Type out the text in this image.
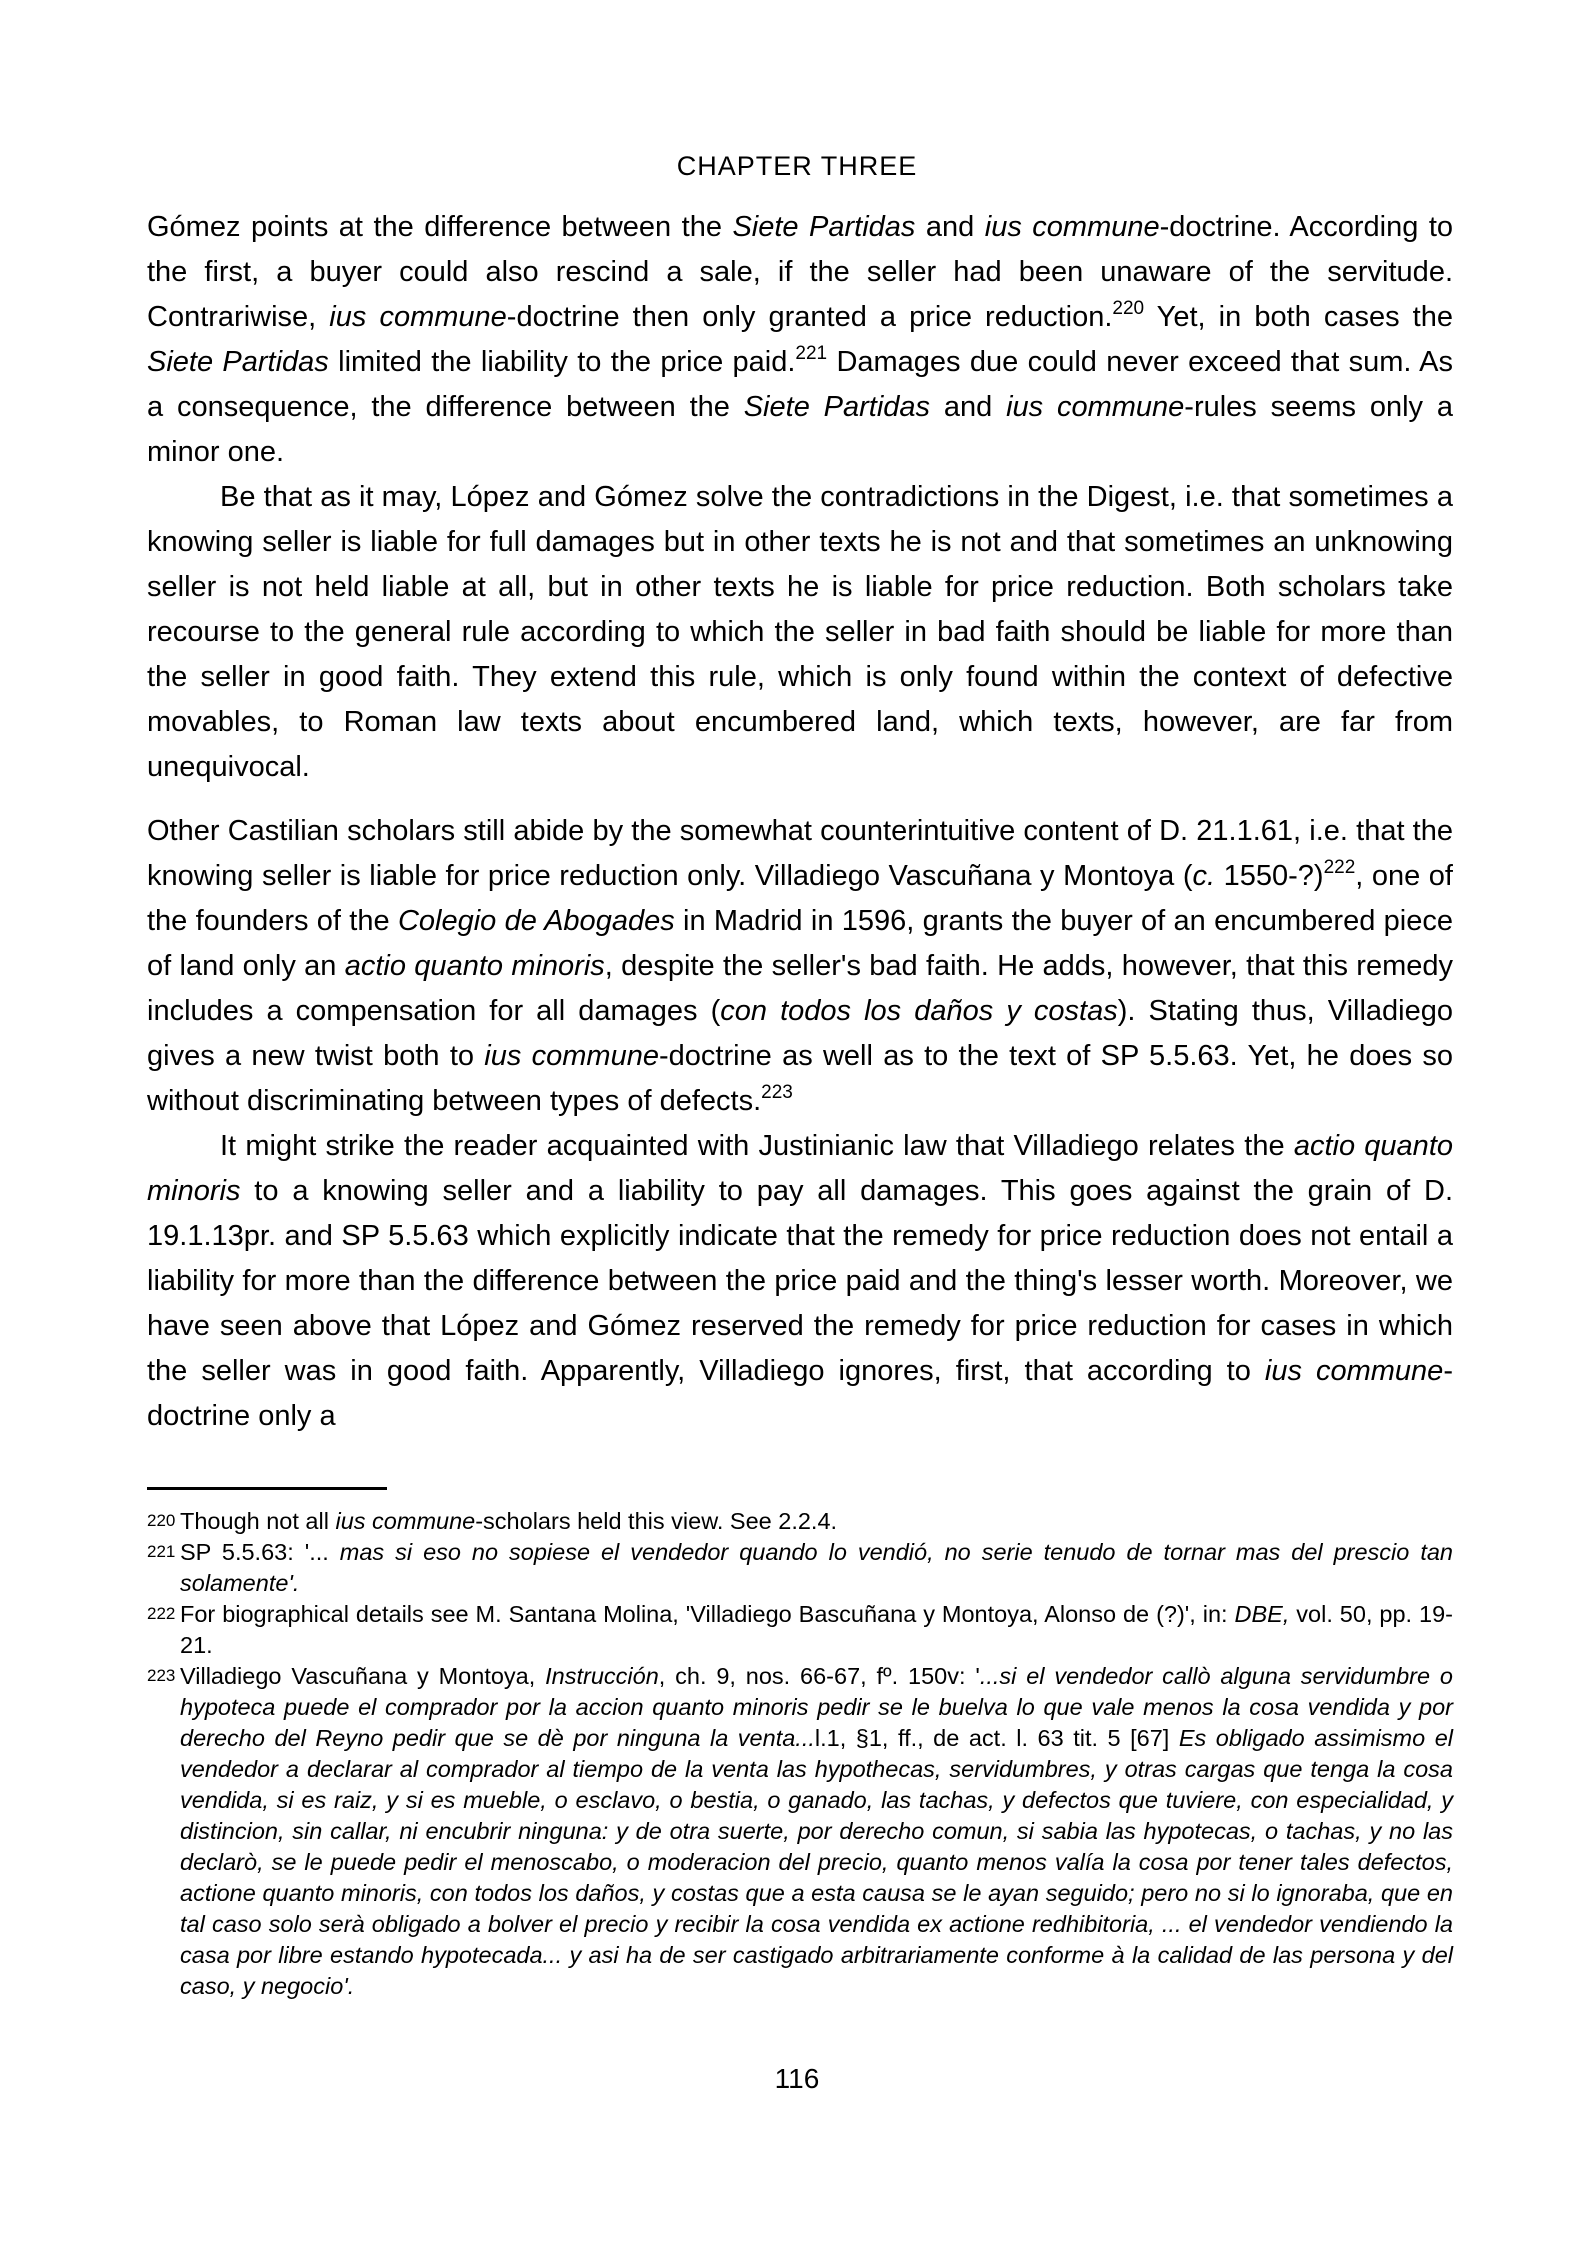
CHAPTER THREE

Gómez points at the difference between the Siete Partidas and ius commune-doctrine. According to the first, a buyer could also rescind a sale, if the seller had been unaware of the servitude. Contrariwise, ius commune-doctrine then only granted a price reduction.$^{220}$ Yet, in both cases the Siete Partidas limited the liability to the price paid.$^{221}$ Damages due could never exceed that sum. As a consequence, the difference between the Siete Partidas and ius commune-rules seems only a minor one.

Be that as it may, López and Gómez solve the contradictions in the Digest, i.e. that sometimes a knowing seller is liable for full damages but in other texts he is not and that sometimes an unknowing seller is not held liable at all, but in other texts he is liable for price reduction. Both scholars take recourse to the general rule according to which the seller in bad faith should be liable for more than the seller in good faith. They extend this rule, which is only found within the context of defective movables, to Roman law texts about encumbered land, which texts, however, are far from unequivocal.

Other Castilian scholars still abide by the somewhat counterintuitive content of D. 21.1.61, i.e. that the knowing seller is liable for price reduction only. Villadiego Vascuñana y Montoya (c. 1550-?)$^{222}$, one of the founders of the Colegio de Abogades in Madrid in 1596, grants the buyer of an encumbered piece of land only an actio quanto minoris, despite the seller's bad faith. He adds, however, that this remedy includes a compensation for all damages (con todos los daños y costas). Stating thus, Villadiego gives a new twist both to ius commune-doctrine as well as to the text of SP 5.5.63. Yet, he does so without discriminating between types of defects.$^{223}$

It might strike the reader acquainted with Justinianic law that Villadiego relates the actio quanto minoris to a knowing seller and a liability to pay all damages. This goes against the grain of D. 19.1.13pr. and SP 5.5.63 which explicitly indicate that the remedy for price reduction does not entail a liability for more than the difference between the price paid and the thing's lesser worth. Moreover, we have seen above that López and Gómez reserved the remedy for price reduction for cases in which the seller was in good faith. Apparently, Villadiego ignores, first, that according to ius commune-doctrine only a

220 Though not all ius commune-scholars held this view. See 2.2.4.
221 SP 5.5.63: '... mas si eso no sopiese el vendedor quando lo vendió, no serie tenudo de tornar mas del prescio tan solamente'.
222 For biographical details see M. Santana Molina, 'Villadiego Bascuñana y Montoya, Alonso de (?)', in: DBE, vol. 50, pp. 19-21.
223 Villadiego Vascuñana y Montoya, Instrucción, ch. 9, nos. 66-67, fº. 150v: '...si el vendedor callò alguna servidumbre o hypoteca puede el comprador por la accion quanto minoris pedir se le buelva lo que vale menos la cosa vendida y por derecho del Reyno pedir que se dè por ninguna la venta...l.1, §1, ff., de act. l. 63 tit. 5 [67] Es obligado assimismo el vendedor a declarar al comprador al tiempo de la venta las hypothecas, servidumbres, y otras cargas que tenga la cosa vendida, si es raiz, y si es mueble, o esclavo, o bestia, o ganado, las tachas, y defectos que tuviere, con especialidad, y distincion, sin callar, ni encubrir ninguna: y de otra suerte, por derecho comun, si sabia las hypotecas, o tachas, y no las declarò, se le puede pedir el menoscabo, o moderacion del precio, quanto menos valía la cosa por tener tales defectos, actione quanto minoris, con todos los daños, y costas que a esta causa se le ayan seguido; pero no si lo ignoraba, que en tal caso solo serà obligado a bolver el precio y recibir la cosa vendida ex actione redhibitoria, ... el vendedor vendiendo la casa por libre estando hypotecada... y asi ha de ser castigado arbitrariamente conforme à la calidad de las persona y del caso, y negocio'.
116
